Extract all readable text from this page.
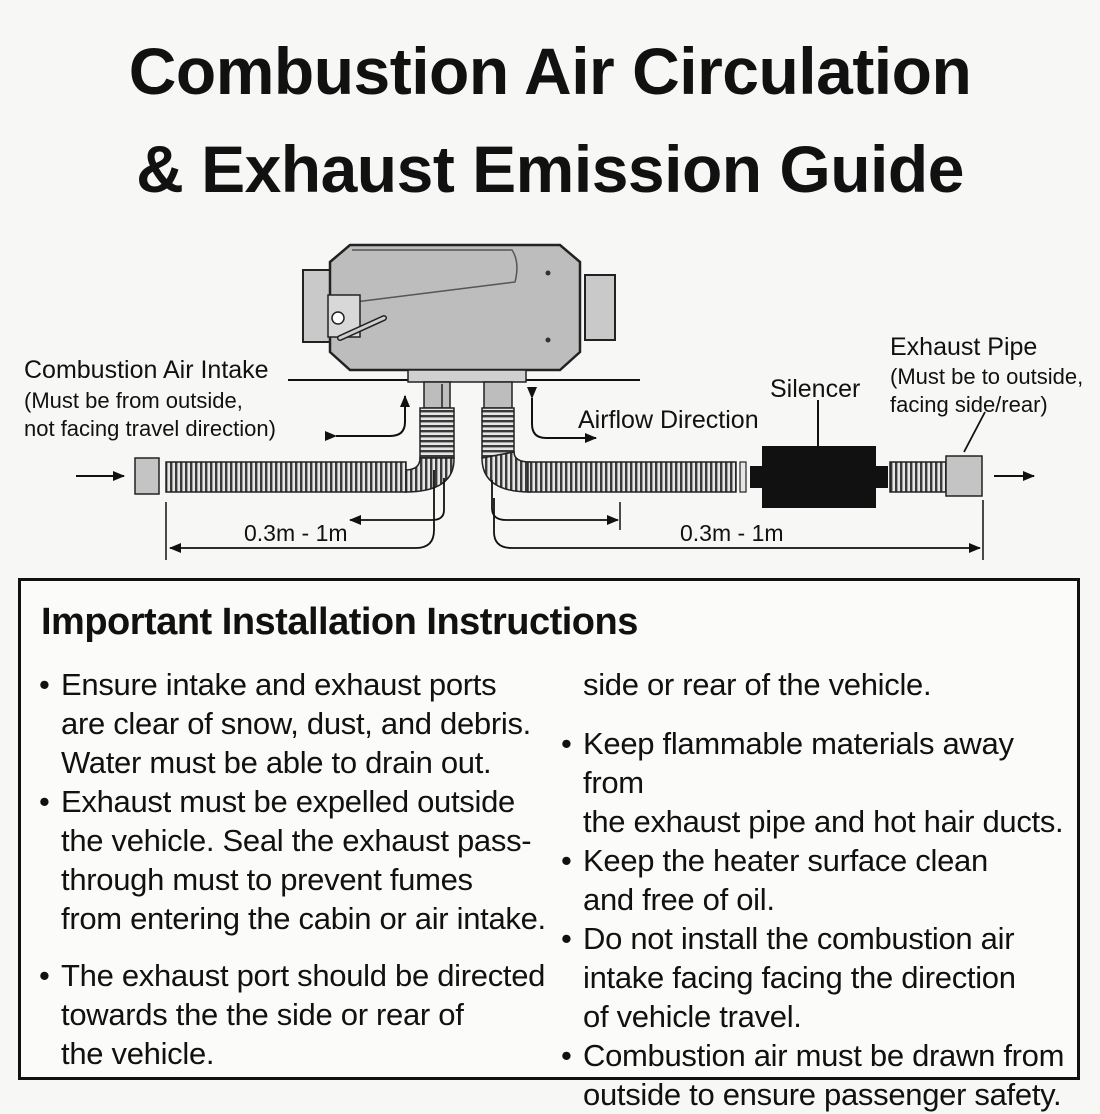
Combustion Air Circulation
& Exhaust Emission Guide
Combustion Air Intake
(Must be from outside,
not facing travel direction)
Exhaust Pipe
(Must be to outside,
facing side/rear)
Silencer
Airflow Direction
0.3m - 1m	0.3m - 1m
Important Installation Instructions
• Ensure intake and exhaust ports
are clear of snow, dust, and debris.
Water must be able to drain out.
• Exhaust must be expelled outside
the vehicle. Seal the exhaust pass-
through must to prevent fumes
from entering the cabin or air intake.
• The exhaust port should be directed
towards the the side or rear of
the vehicle.
side or rear of the vehicle.
• Keep flammable materials away from
the exhaust pipe and hot hair ducts.
• Keep the heater surface clean
and free of oil.
• Do not install the combustion air
intake facing facing the direction
of vehicle travel.
• Combustion air must be drawn from
outside to ensure passenger safety.
